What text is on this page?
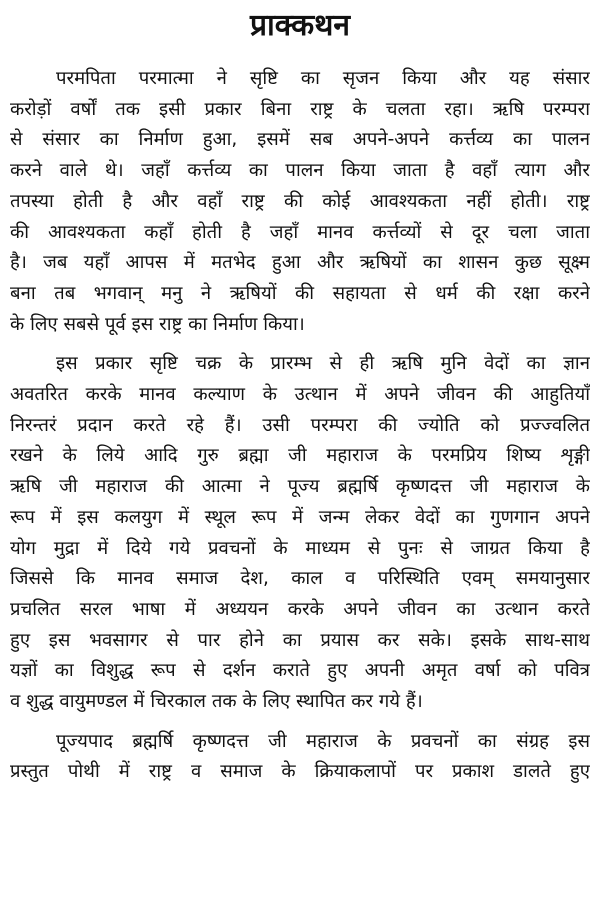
प्राक्कथन
परमपिता परमात्मा ने सृष्टि का सृजन किया और यह संसार
करोड़ों वर्षों तक इसी प्रकार बिना राष्ट्र के चलता रहा। ऋषि परम्परा
से संसार का निर्माण हुआ, इसमें सब अपने-अपने कर्त्तव्य का पालन
करने वाले थे। जहाँ कर्त्तव्य का पालन किया जाता है वहाँ त्याग और
तपस्या होती है और वहाँ राष्ट्र की कोई आवश्यकता नहीं होती। राष्ट्र
की आवश्यकता कहाँ होती है जहाँ मानव कर्त्तव्यों से दूर चला जाता
है। जब यहाँ आपस में मतभेद हुआ और ऋषियों का शासन कुछ सूक्ष्म
बना तब भगवान् मनु ने ऋषियों की सहायता से धर्म की रक्षा करने
के लिए सबसे पूर्व इस राष्ट्र का निर्माण किया।
इस प्रकार सृष्टि चक्र के प्रारम्भ से ही ऋषि मुनि वेदों का ज्ञान
अवतरित करके मानव कल्याण के उत्थान में अपने जीवन की आहुतियाँ
निरन्तरं प्रदान करते रहे हैं। उसी परम्परा की ज्योति को प्रज्ज्वलित
रखने के लिये आदि गुरु ब्रह्मा जी महाराज के परमप्रिय शिष्य शृङ्गी
ऋषि जी महाराज की आत्मा ने पूज्य ब्रह्मर्षि कृष्णदत्त जी महाराज के
रूप में इस कलयुग में स्थूल रूप में जन्म लेकर वेदों का गुणगान अपने
योग मुद्रा में दिये गये प्रवचनों के माध्यम से पुनः से जाग्रत किया है
जिससे कि मानव समाज देश, काल व परिस्थिति एवम् समयानुसार
प्रचलित सरल भाषा में अध्ययन करके अपने जीवन का उत्थान करते
हुए इस भवसागर से पार होने का प्रयास कर सके। इसके साथ-साथ
यज्ञों का विशुद्ध रूप से दर्शन कराते हुए अपनी अमृत वर्षा को पवित्र
व शुद्ध वायुमण्डल में चिरकाल तक के लिए स्थापित कर गये हैं।
पूज्यपाद ब्रह्मर्षि कृष्णदत्त जी महाराज के प्रवचनों का संग्रह इस
प्रस्तुत पोथी में राष्ट्र व समाज के क्रियाकलापों पर प्रकाश डालते हुए
